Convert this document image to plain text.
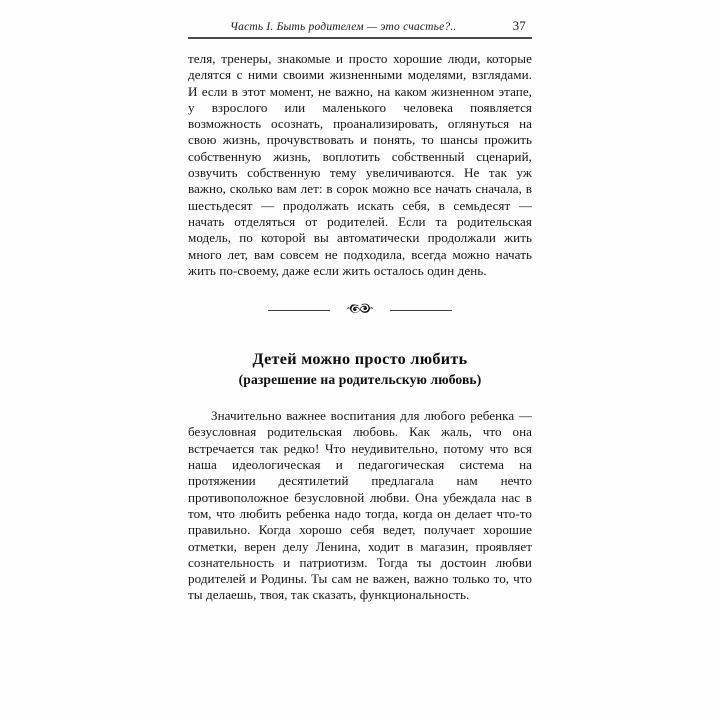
Часть I. Быть родителем — это счастье?..	37

теля, тренеры, знакомые и просто хорошие люди, которые делятся с ними своими жизненными моделями, взглядами. И если в этот момент, не важно, на каком жизненном этапе, у взрослого или маленького человека появляется возможность осознать, проанализировать, оглянуться на свою жизнь, прочувствовать и понять, то шансы прожить собственную жизнь, воплотить собственный сценарий, озвучить собственную тему увеличиваются. Не так уж важно, сколько вам лет: в сорок можно все начать сначала, в шестьдесят — продолжать искать себя, в семьдесят — начать отделяться от родителей. Если та родительская модель, по которой вы автоматически продолжали жить много лет, вам совсем не подходила, всегда можно начать жить по-своему, даже если жить осталось один день.

Детей можно просто любить
(разрешение на родительскую любовь)

Значительно важнее воспитания для любого ребенка — безусловная родительская любовь. Как жаль, что она встречается так редко! Что неудивительно, потому что вся наша идеологическая и педагогическая система на протяжении десятилетий предлагала нам нечто противоположное безусловной любви. Она убеждала нас в том, что любить ребенка надо тогда, когда он делает что-то правильно. Когда хорошо себя ведет, получает хорошие отметки, верен делу Ленина, ходит в магазин, проявляет сознательность и патриотизм. Тогда ты достоин любви родителей и Родины. Ты сам не важен, важно только то, что ты делаешь, твоя, так сказать, функциональность.
